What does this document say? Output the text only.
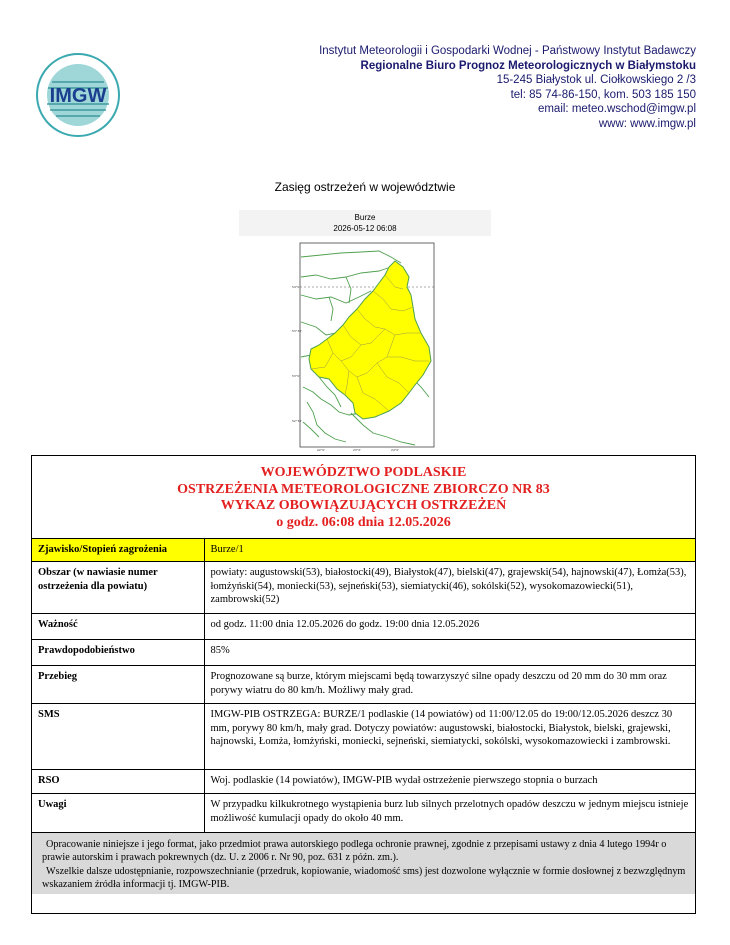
IMGW
Instytut Meteorologii i Gospodarki Wodnej - Państwowy Instytut Badawczy
Regionalne Biuro Prognoz Meteorologicznych w Białymstoku
15-245 Białystok ul. Ciołkowskiego 2 /3
tel: 85 74-86-150, kom. 503 185 150
email: meteo.wschod@imgw.pl
www: www.imgw.pl
Zasięg ostrzeżeń w województwie
Burze
2026-05-12 06:08
54°0'
53°30'
53°0'
52°30'
22°0'	23°0'	24°0'
WOJEWÓDZTWO PODLASKIE
OSTRZEŻENIA METEOROLOGICZNE ZBIORCZO NR 83
WYKAZ OBOWIĄZUJĄCYCH OSTRZEŻEŃ
o godz. 06:08 dnia 12.05.2026
Zjawisko/Stopień zagrożenia	Burze/1
Obszar (w nawiasie numer ostrzeżenia dla powiatu)	powiaty: augustowski(53), białostocki(49), Białystok(47), bielski(47), grajewski(54), hajnowski(47), Łomża(53), łomżyński(54), moniecki(53), sejneński(53), siemiatycki(46), sokólski(52), wysokomazowiecki(51), zambrowski(52)
Ważność	od godz. 11:00 dnia 12.05.2026 do godz. 19:00 dnia 12.05.2026
Prawdopodobieństwo	85%
Przebieg	Prognozowane są burze, którym miejscami będą towarzyszyć silne opady deszczu od 20 mm do 30 mm oraz porywy wiatru do 80 km/h. Możliwy mały grad.
SMS	IMGW-PIB OSTRZEGA: BURZE/1 podlaskie (14 powiatów) od 11:00/12.05 do 19:00/12.05.2026 deszcz 30 mm, porywy 80 km/h, mały grad. Dotyczy powiatów: augustowski, białostocki, Białystok, bielski, grajewski, hajnowski, Łomża, łomżyński, moniecki, sejneński, siemiatycki, sokólski, wysokomazowiecki i zambrowski.
RSO	Woj. podlaskie (14 powiatów), IMGW-PIB wydał ostrzeżenie pierwszego stopnia o burzach
Uwagi	W przypadku kilkukrotnego wystąpienia burz lub silnych przelotnych opadów deszczu w jednym miejscu istnieje możliwość kumulacji opady do około 40 mm.
Opracowanie niniejsze i jego format, jako przedmiot prawa autorskiego podlega ochronie prawnej, zgodnie z przepisami ustawy z dnia 4 lutego 1994r o prawie autorskim i prawach pokrewnych (dz. U. z 2006 r. Nr 90, poz. 631 z późn. zm.).
Wszelkie dalsze udostępnianie, rozpowszechnianie (przedruk, kopiowanie, wiadomość sms) jest dozwolone wyłącznie w formie dosłownej z bezwzględnym wskazaniem źródła informacji tj. IMGW-PIB.
